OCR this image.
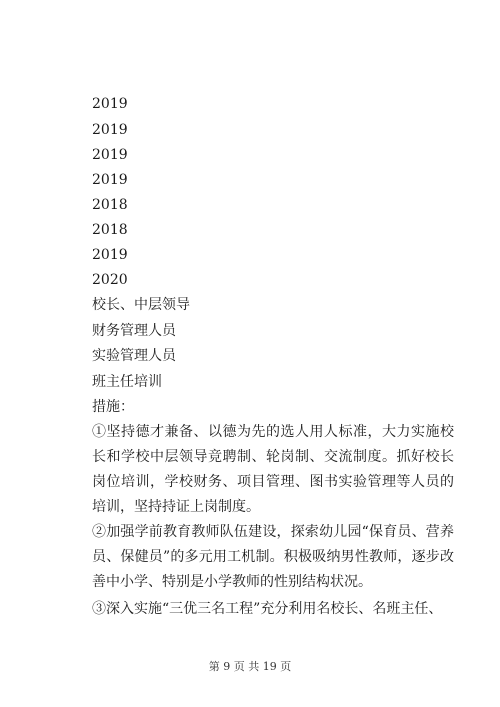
2019
2019
2019
2019
2018
2018
2019
2020
校长、中层领导
财务管理人员
实验管理人员
班主任培训
措施：
①坚持德才兼备、以德为先的选人用人标准，大力实施校长和学校中层领导竞聘制、轮岗制、交流制度。抓好校长岗位培训，学校财务、项目管理、图书实验管理等人员的培训，坚持持证上岗制度。
②加强学前教育教师队伍建设，探索幼儿园“保育员、营养员、保健员”的多元用工机制。积极吸纳男性教师，逐步改善中小学、特别是小学教师的性别结构状况。
③深入实施“三优三名工程”充分利用名校长、名班主任、
第 9 页 共 19 页
